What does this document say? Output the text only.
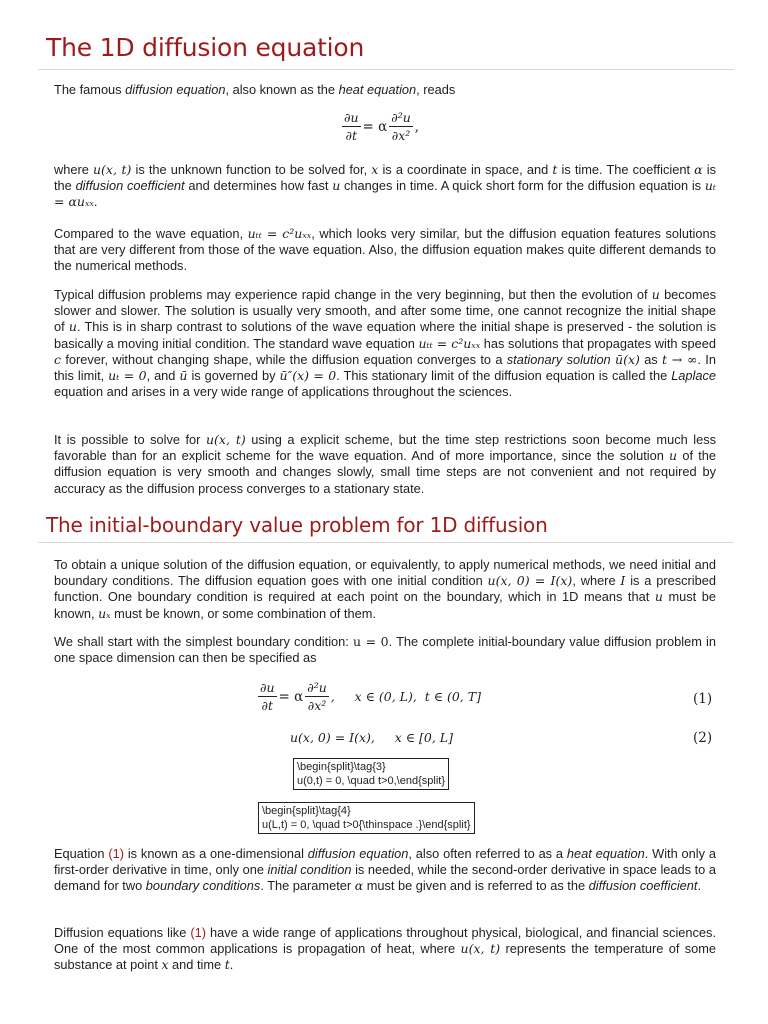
The 1D diffusion equation

The famous diffusion equation, also known as the heat equation, reads

$\frac{\partial u}{\partial t} = \alpha \frac{\text{∂²u}}{\text{∂x²}}$ ,

where u(x, t) is the unknown function to be solved for, x is a coordinate in space, and t is time. The coefficient α is the diffusion coefficient and determines how fast u changes in time. A quick short form for the diffusion equation is uₜ = αuₓₓ.

Compared to the wave equation, uₜₜ = c²uₓₓ, which looks very similar, but the diffusion equation features solutions that are very different from those of the wave equation. Also, the diffusion equation makes quite different demands to the numerical methods.

Typical diffusion problems may experience rapid change in the very beginning, but then the evolution of u becomes slower and slower. The solution is usually very smooth, and after some time, one cannot recognize the initial shape of u. This is in sharp contrast to solutions of the wave equation where the initial shape is preserved - the solution is basically a moving initial condition. The standard wave equation uₜₜ = c²uₓₓ has solutions that propagates with speed c forever, without changing shape, while the diffusion equation converges to a stationary solution ū(x) as t → ∞. In this limit, uₜ = 0, and ū is governed by ū″(x) = 0. This stationary limit of the diffusion equation is called the Laplace equation and arises in a very wide range of applications throughout the sciences.

It is possible to solve for u(x, t) using a explicit scheme, but the time step restrictions soon become much less favorable than for an explicit scheme for the wave equation. And of more importance, since the solution u of the diffusion equation is very smooth and changes slowly, small time steps are not convenient and not required by accuracy as the diffusion process converges to a stationary state.

The initial-boundary value problem for 1D diffusion

To obtain a unique solution of the diffusion equation, or equivalently, to apply numerical methods, we need initial and boundary conditions. The diffusion equation goes with one initial condition u(x, 0) = I(x), where I is a prescribed function. One boundary condition is required at each point on the boundary, which in 1D means that u must be known, uₓ must be known, or some combination of them.

We shall start with the simplest boundary condition: u = 0. The complete initial-boundary value diffusion problem in one space dimension can then be specified as

$\frac{\partial u}{\partial t} = \alpha \frac{\text{∂²u}}{\text{∂x²}}$ ,     x ∈ (0, L),  t ∈ (0, T]	(1)
u(x, 0) = I(x),     x ∈ [0, L]	(2)
\begin{split}\tag{3}
u(0,t) = 0, \quad t>0,\end{split}
\begin{split}\tag{4}
u(L,t) = 0, \quad t>0{\thinspace .}\end{split}

Equation (1) is known as a one-dimensional diffusion equation, also often referred to as a heat equation. With only a first-order derivative in time, only one initial condition is needed, while the second-order derivative in space leads to a demand for two boundary conditions. The parameter α must be given and is referred to as the diffusion coefficient.

Diffusion equations like (1) have a wide range of applications throughout physical, biological, and financial sciences. One of the most common applications is propagation of heat, where u(x, t) represents the temperature of some substance at point x and time t.
